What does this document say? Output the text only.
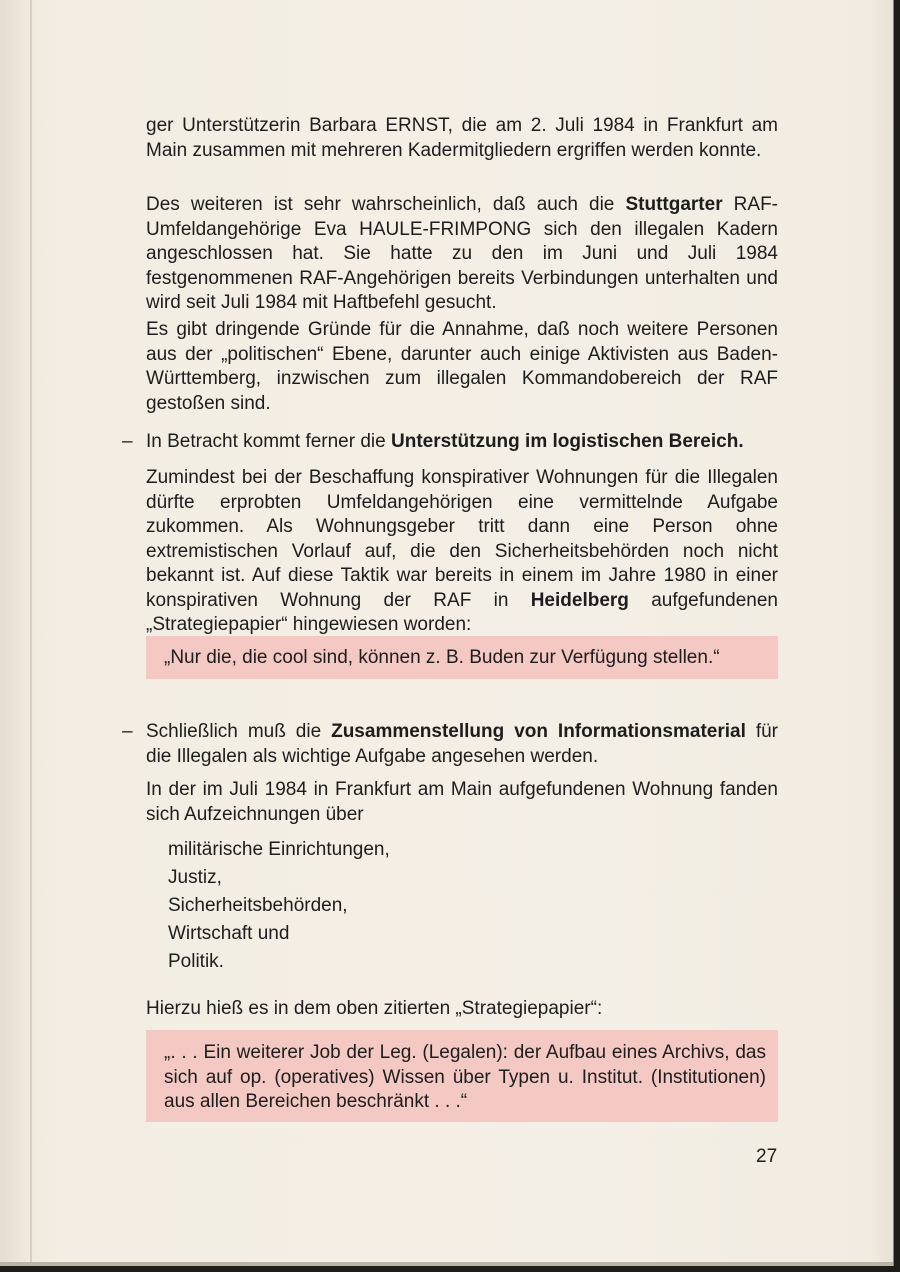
ger Unterstützerin Barbara ERNST, die am 2. Juli 1984 in Frankfurt am Main zusammen mit mehreren Kadermitgliedern ergriffen werden konnte.
Des weiteren ist sehr wahrscheinlich, daß auch die Stuttgarter RAF-Umfeldangehörige Eva HAULE-FRIMPONG sich den illegalen Kadern angeschlossen hat. Sie hatte zu den im Juni und Juli 1984 festgenommenen RAF-Angehörigen bereits Verbindungen unterhalten und wird seit Juli 1984 mit Haftbefehl gesucht.
Es gibt dringende Gründe für die Annahme, daß noch weitere Personen aus der „politischen“ Ebene, darunter auch einige Aktivisten aus Baden-Württemberg, inzwischen zum illegalen Kommandobereich der RAF gestoßen sind.
– In Betracht kommt ferner die Unterstützung im logistischen Bereich.
Zumindest bei der Beschaffung konspirativer Wohnungen für die Illegalen dürfte erprobten Umfeldangehörigen eine vermittelnde Aufgabe zukommen. Als Wohnungsgeber tritt dann eine Person ohne extremistischen Vorlauf auf, die den Sicherheitsbehörden noch nicht bekannt ist. Auf diese Taktik war bereits in einem im Jahre 1980 in einer konspirativen Wohnung der RAF in Heidelberg aufgefundenen „Strategiepapier“ hingewiesen worden:
„Nur die, die cool sind, können z. B. Buden zur Verfügung stellen.“
– Schließlich muß die Zusammenstellung von Informationsmaterial für die Illegalen als wichtige Aufgabe angesehen werden.
In der im Juli 1984 in Frankfurt am Main aufgefundenen Wohnung fanden sich Aufzeichnungen über
militärische Einrichtungen,
Justiz,
Sicherheitsbehörden,
Wirtschaft und
Politik.
Hierzu hieß es in dem oben zitierten „Strategiepapier“:
„. . . Ein weiterer Job der Leg. (Legalen): der Aufbau eines Archivs, das sich auf op. (operatives) Wissen über Typen u. Institut. (Institutionen) aus allen Bereichen beschränkt . . .“
27
